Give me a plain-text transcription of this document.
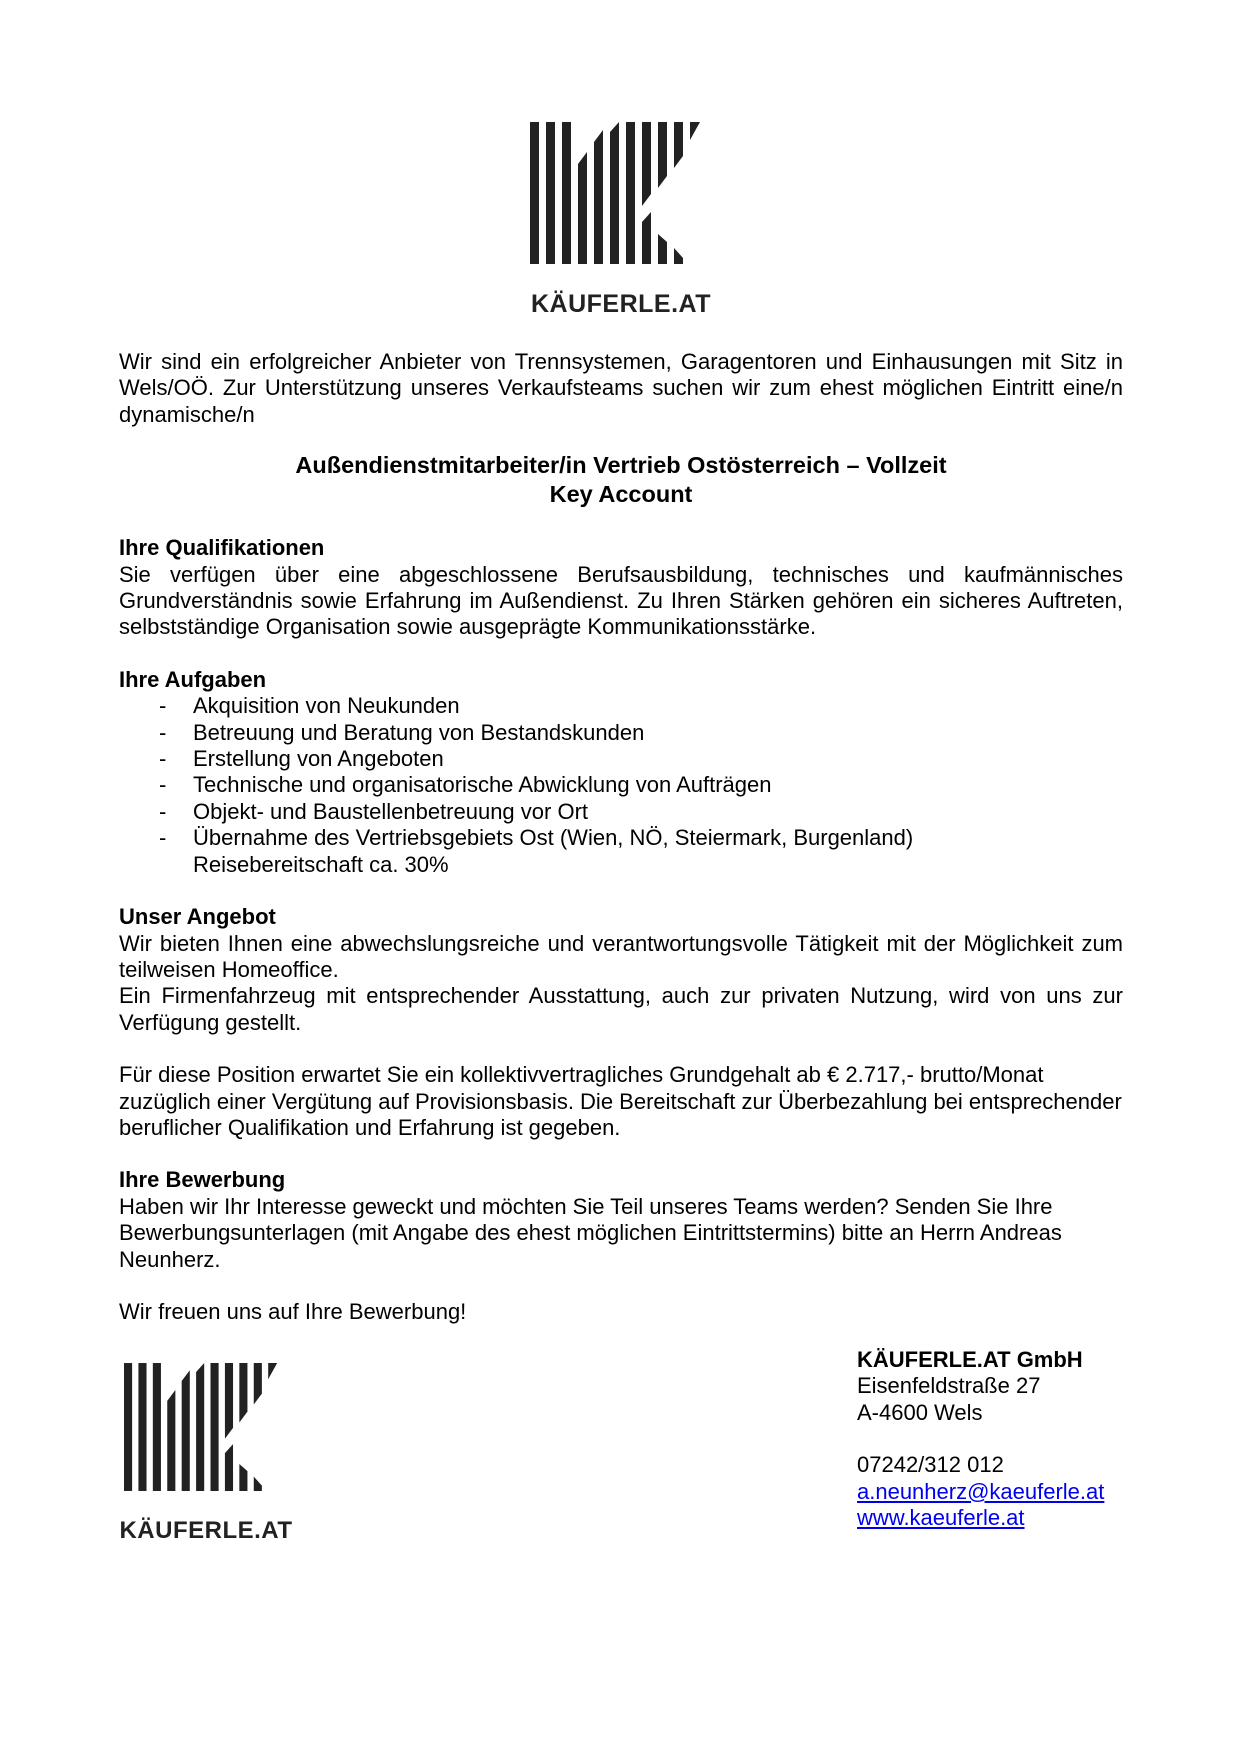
KÄUFERLE.AT

Wir sind ein erfolgreicher Anbieter von Trennsystemen, Garagentoren und Einhausungen mit Sitz in Wels/OÖ. Zur Unterstützung unseres Verkaufsteams suchen wir zum ehest möglichen Eintritt eine/n dynamische/n

Außendienstmitarbeiter/in Vertrieb Ostösterreich – Vollzeit
Key Account

Ihre Qualifikationen

Sie verfügen über eine abgeschlossene Berufsausbildung, technisches und kaufmännisches Grundverständnis sowie Erfahrung im Außendienst. Zu Ihren Stärken gehören ein sicheres Auftreten, selbstständige Organisation sowie ausgeprägte Kommunikationsstärke.

Ihre Aufgaben

- Akquisition von Neukunden
- Betreuung und Beratung von Bestandskunden
- Erstellung von Angeboten
- Technische und organisatorische Abwicklung von Aufträgen
- Objekt- und Baustellenbetreuung vor Ort
- Übernahme des Vertriebsgebiets Ost (Wien, NÖ, Steiermark, Burgenland)

Reisebereitschaft ca. 30%

Unser Angebot

Wir bieten Ihnen eine abwechslungsreiche und verantwortungsvolle Tätigkeit mit der Möglichkeit zum teilweisen Homeoffice.

Ein Firmenfahrzeug mit entsprechender Ausstattung, auch zur privaten Nutzung, wird von uns zur Verfügung gestellt.

Für diese Position erwartet Sie ein kollektivvertragliches Grundgehalt ab € 2.717,- brutto/Monat zuzüglich einer Vergütung auf Provisionsbasis. Die Bereitschaft zur Überbezahlung bei entsprechender beruflicher Qualifikation und Erfahrung ist gegeben.

Ihre Bewerbung

Haben wir Ihr Interesse geweckt und möchten Sie Teil unseres Teams werden? Senden Sie Ihre Bewerbungsunterlagen (mit Angabe des ehest möglichen Eintrittstermins) bitte an Herrn Andreas Neunherz.

Wir freuen uns auf Ihre Bewerbung!

KÄUFERLE.AT
KÄUFERLE.AT GmbH
Eisenfeldstraße 27
A-4600 Wels
07242/312 012
a.neunherz@kaeuferle.at
www.kaeuferle.at
